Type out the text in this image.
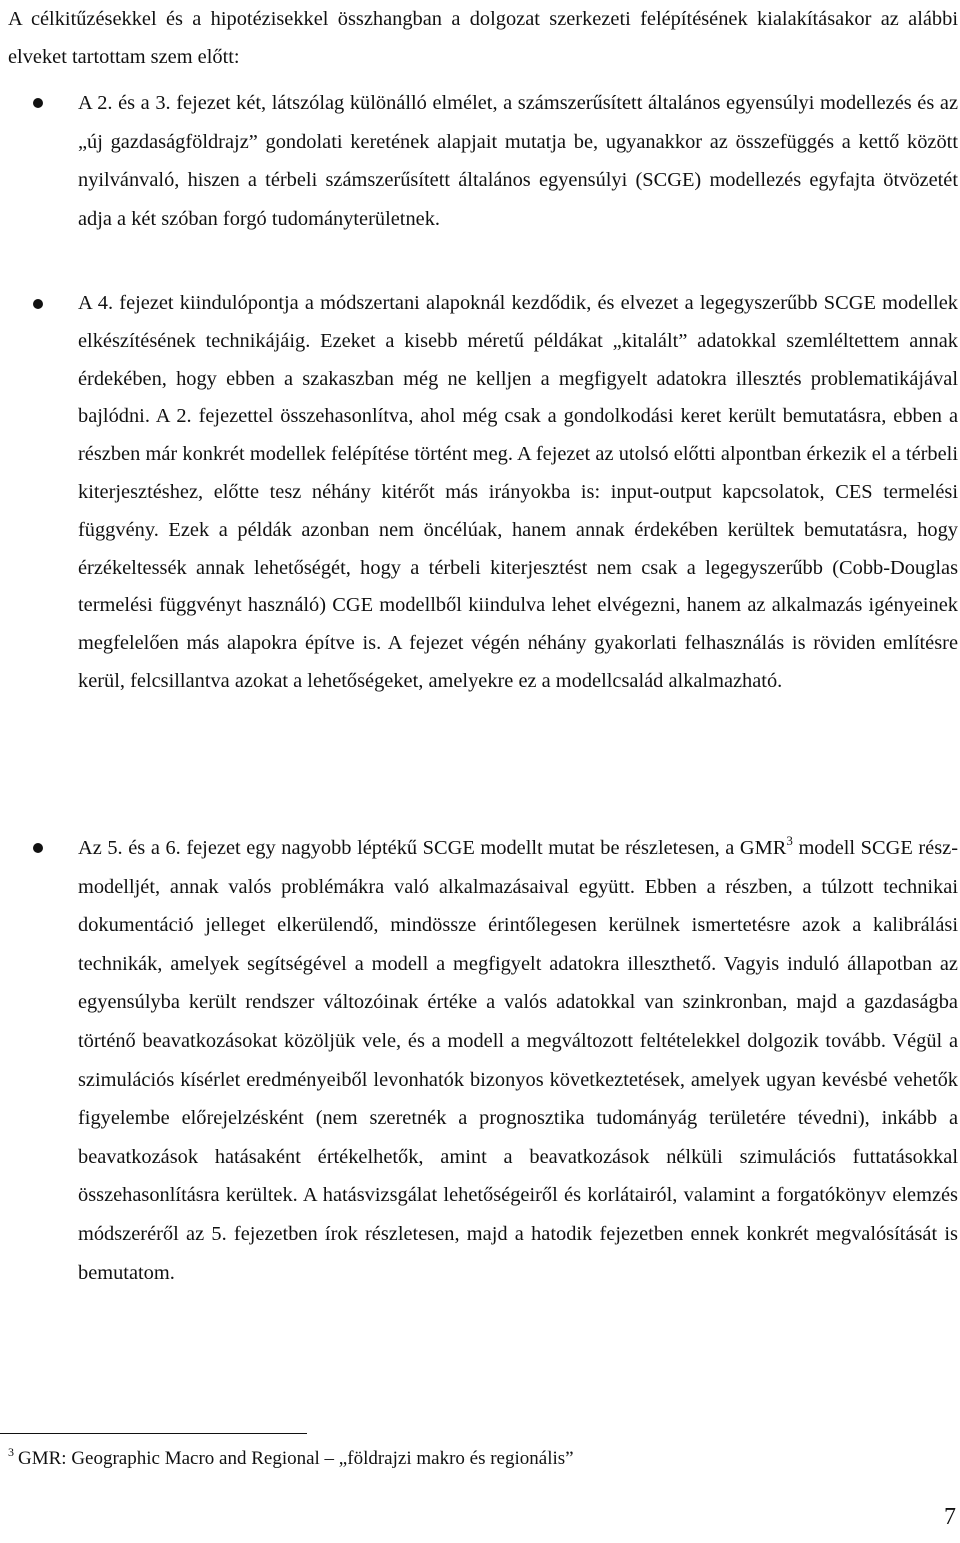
A célkitűzésekkel és a hipotézisekkel összhangban a dolgozat szerkezeti felépítésének kialakításakor az alábbi elveket tartottam szem előtt:

A 2. és a 3. fejezet két, látszólag különálló elmélet, a számszerűsített általános egyensúlyi modellezés és az „új gazdaságföldrajz” gondolati keretének alapjait mutatja be, ugyanakkor az összefüggés a kettő között nyilvánvaló, hiszen a térbeli számszerűsített általános egyensúlyi (SCGE) modellezés egyfajta ötvözetét adja a két szóban forgó tudományterületnek.
A 4. fejezet kiindulópontja a módszertani alapoknál kezdődik, és elvezet a legegyszerűbb SCGE modellek elkészítésének technikájáig. Ezeket a kisebb méretű példákat „kitalált” adatokkal szemléltettem annak érdekében, hogy ebben a szakaszban még ne kelljen a megfigyelt adatokra illesztés problematikájával bajlódni. A 2. fejezettel összehasonlítva, ahol még csak a gondolkodási keret került bemutatásra, ebben a részben már konkrét modellek felépítése történt meg. A fejezet az utolsó előtti alpontban érkezik el a térbeli kiterjesztéshez, előtte tesz néhány kitérőt más irányokba is: input-output kapcsolatok, CES termelési függvény. Ezek a példák azonban nem öncélúak, hanem annak érdekében kerültek bemutatásra, hogy érzékeltessék annak lehetőségét, hogy a térbeli kiterjesztést nem csak a legegyszerűbb (Cobb-Douglas termelési függvényt használó) CGE modellből kiindulva lehet elvégezni, hanem az alkalmazás igényeinek megfelelően más alapokra építve is. A fejezet végén néhány gyakorlati felhasználás is röviden említésre kerül, felcsillantva azokat a lehetőségeket, amelyekre ez a modellcsalád alkalmazható.
Az 5. és a 6. fejezet egy nagyobb léptékű SCGE modellt mutat be részletesen, a GMR$^3$ modell SCGE rész-modelljét, annak valós problémákra való alkalmazásaival együtt. Ebben a részben, a túlzott technikai dokumentáció jelleget elkerülendő, mindössze érintőlegesen kerülnek ismertetésre azok a kalibrálási technikák, amelyek segítségével a modell a megfigyelt adatokra illeszthető. Vagyis induló állapotban az egyensúlyba került rendszer változóinak értéke a valós adatokkal van szinkronban, majd a gazdaságba történő beavatkozásokat közöljük vele, és a modell a megváltozott feltételekkel dolgozik tovább. Végül a szimulációs kísérlet eredményeiből levonhatók bizonyos következtetések, amelyek ugyan kevésbé vehetők figyelembe előrejelzésként (nem szeretnék a prognosztika tudományág területére tévedni), inkább a beavatkozások hatásaként értékelhetők, amint a beavatkozások nélküli szimulációs futtatásokkal összehasonlításra kerültek. A hatásvizsgálat lehetőségeiről és korlátairól, valamint a forgatókönyv elemzés módszeréről az 5. fejezetben írok részletesen, majd a hatodik fejezetben ennek konkrét megvalósítását is bemutatom.
$^3$ GMR: Geographic Macro and Regional – „földrajzi makro és regionális”
7
